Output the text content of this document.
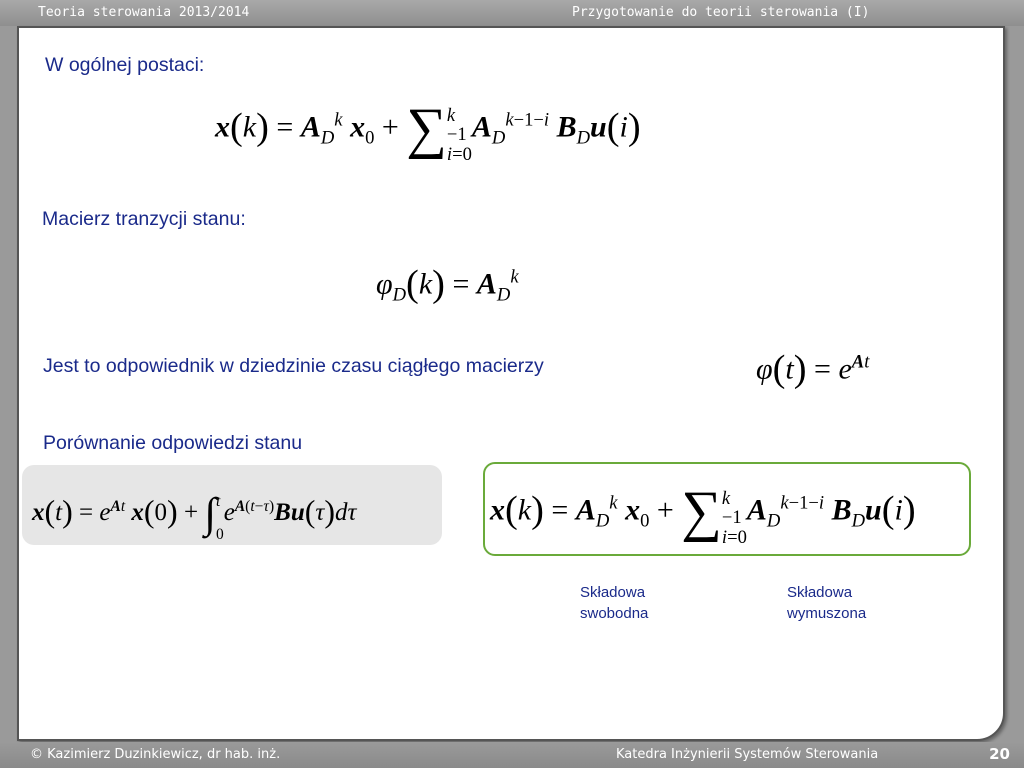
Teoria sterowania 2013/2014	Przygotowanie do teorii sterowania (I)
W ogólnej postaci:
$x(k) = A_D^k$ $x_0$ + ∑ k
−1

i=0
$A_D^{k-1-i}$ $B_Du(i)$
Macierz tranzycji stanu:
$\varphi_D(k) = A_D^k$
Jest to odpowiednik w dziedzinie czasu ciągłego macierzy	$\varphi(t) = e^{At}$
Porównanie odpowiedzi stanu
$x(t) = e^{At}$ x(0) + ∫ t

0
$e^{A(t-\tau)}Bu(\tau)d\tau$	$x(k) = A_D^k$ $x_0$ + ∑ k
−1

i=0
$A_D^{k-1-i}$ $B_Du(i)$
Składowa
swobodna
Składowa
wymuszona
© Kazimierz Duzinkiewicz, dr hab. inż.	Katedra Inżynierii Systemów Sterowania	20
